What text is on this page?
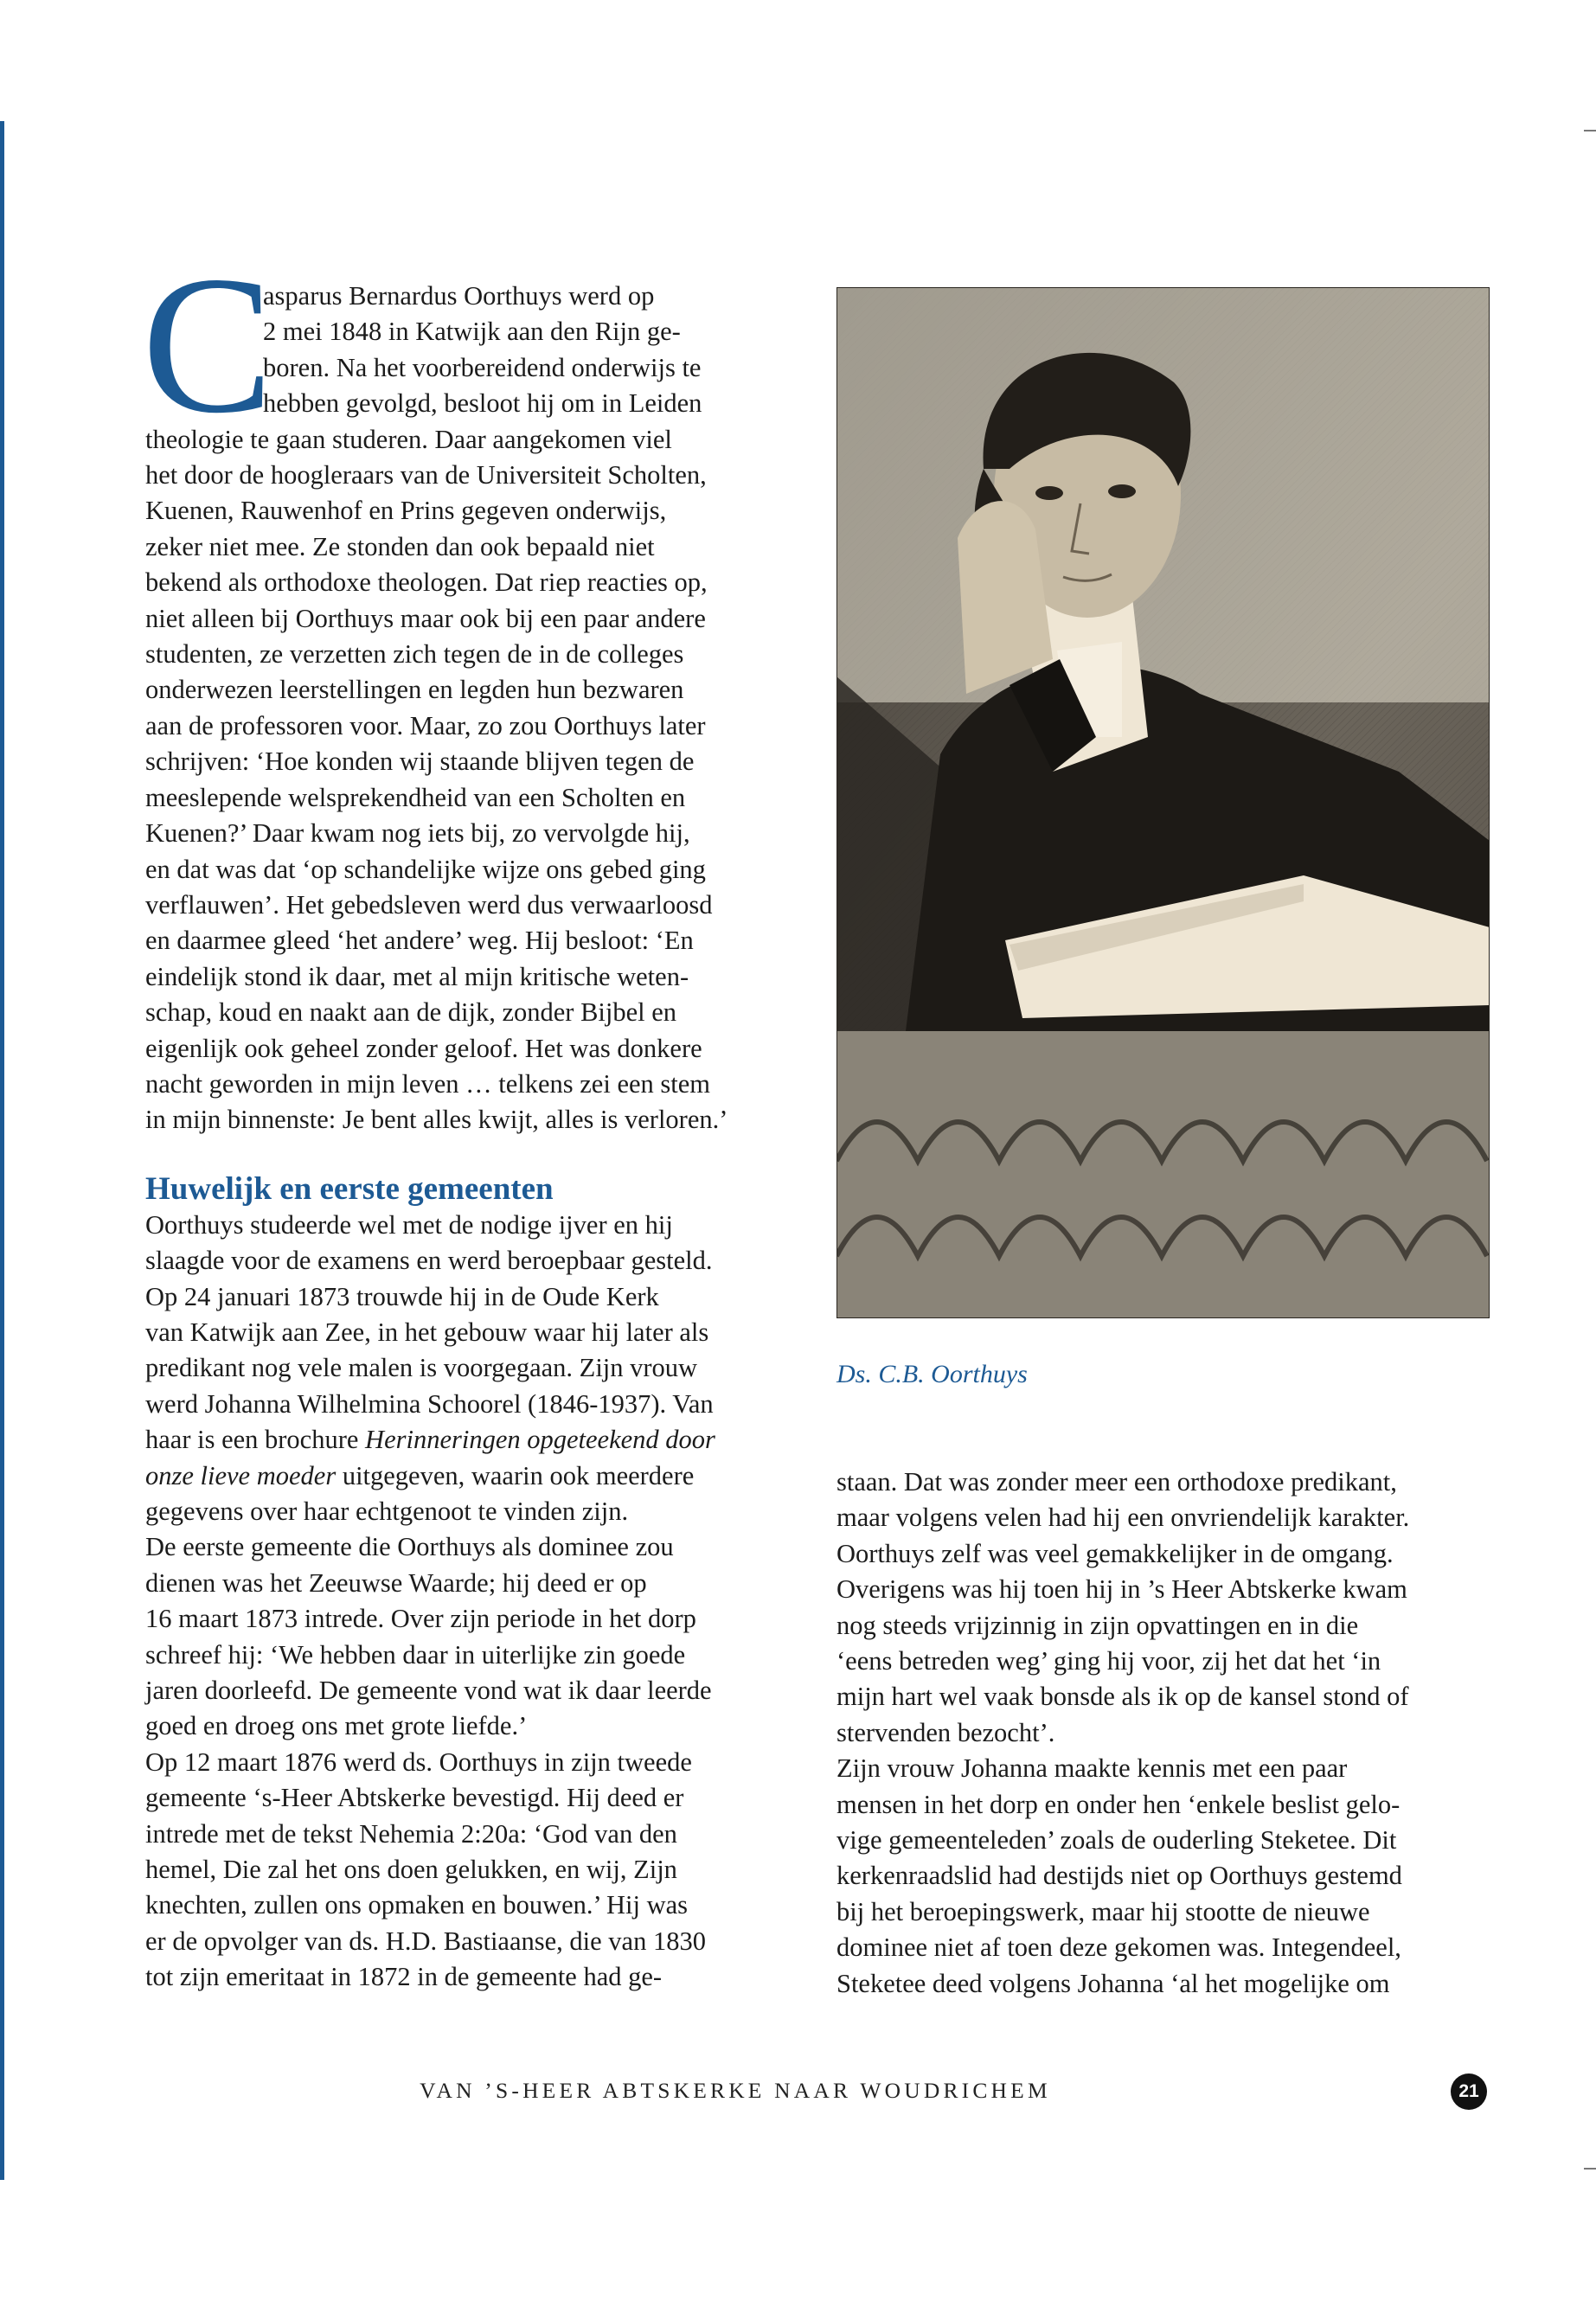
C
asparus Bernardus Oorthuys werd op
2 mei 1848 in Katwijk aan den Rijn ge-
boren. Na het voorbereidend onderwijs te
hebben gevolgd, besloot hij om in Leiden
theologie te gaan studeren. Daar aangekomen viel
het door de hoogleraars van de Universiteit Scholten,
Kuenen, Rauwenhof en Prins gegeven onderwijs,
zeker niet mee. Ze stonden dan ook bepaald niet
bekend als orthodoxe theologen. Dat riep reacties op,
niet alleen bij Oorthuys maar ook bij een paar andere
studenten, ze verzetten zich tegen de in de colleges
onderwezen leerstellingen en legden hun bezwaren
aan de professoren voor. Maar, zo zou Oorthuys later
schrijven: ‘Hoe konden wij staande blijven tegen de
meeslepende welsprekendheid van een Scholten en
Kuenen?’ Daar kwam nog iets bij, zo vervolgde hij,
en dat was dat ‘op schandelijke wijze ons gebed ging
verflauwen’. Het gebedsleven werd dus verwaarloosd
en daarmee gleed ‘het andere’ weg. Hij besloot: ‘En
eindelijk stond ik daar, met al mijn kritische weten-
schap, koud en naakt aan de dijk, zonder Bijbel en
eigenlijk ook geheel zonder geloof. Het was donkere
nacht geworden in mijn leven … telkens zei een stem
in mijn binnenste: Je bent alles kwijt, alles is verloren.’
Huwelijk en eerste gemeenten
Oorthuys studeerde wel met de nodige ijver en hij
slaagde voor de examens en werd beroepbaar gesteld.
Op 24 januari 1873 trouwde hij in de Oude Kerk
van Katwijk aan Zee, in het gebouw waar hij later als
predikant nog vele malen is voorgegaan. Zijn vrouw
werd Johanna Wilhelmina Schoorel (1846-1937). Van

haar is een brochure Herinneringen opgeteekend door
onze lieve moeder uitgegeven, waarin ook meerdere

gegevens over haar echtgenoot te vinden zijn.
De eerste gemeente die Oorthuys als dominee zou
dienen was het Zeeuwse Waarde; hij deed er op
16 maart 1873 intrede. Over zijn periode in het dorp
schreef hij: ‘We hebben daar in uiterlijke zin goede
jaren doorleefd. De gemeente vond wat ik daar leerde
goed en droeg ons met grote liefde.’
Op 12 maart 1876 werd ds. Oorthuys in zijn tweede
gemeente ‘s-Heer Abtskerke bevestigd. Hij deed er
intrede met de tekst Nehemia 2:20a: ‘God van den
hemel, Die zal het ons doen gelukken, en wij, Zijn
knechten, zullen ons opmaken en bouwen.’ Hij was
er de opvolger van ds. H.D. Bastiaanse, die van 1830
tot zijn emeritaat in 1872 in de gemeente had ge-
Ds. C.B. Oorthuys
staan. Dat was zonder meer een orthodoxe predikant,
maar volgens velen had hij een onvriendelijk karakter.
Oorthuys zelf was veel gemakkelijker in de omgang.
Overigens was hij toen hij in ’s Heer Abtskerke kwam
nog steeds vrijzinnig in zijn opvattingen en in die
‘eens betreden weg’ ging hij voor, zij het dat het ‘in
mijn hart wel vaak bonsde als ik op de kansel stond of
stervenden bezocht’.
Zijn vrouw Johanna maakte kennis met een paar
mensen in het dorp en onder hen ‘enkele beslist gelo-
vige gemeenteleden’ zoals de ouderling Steketee. Dit
kerkenraadslid had destijds niet op Oorthuys gestemd
bij het beroepingswerk, maar hij stootte de nieuwe
dominee niet af toen deze gekomen was. Integendeel,
Steketee deed volgens Johanna ‘al het mogelijke om
VAN ’S-HEER ABTSKERKE NAAR WOUDRICHEM	21
